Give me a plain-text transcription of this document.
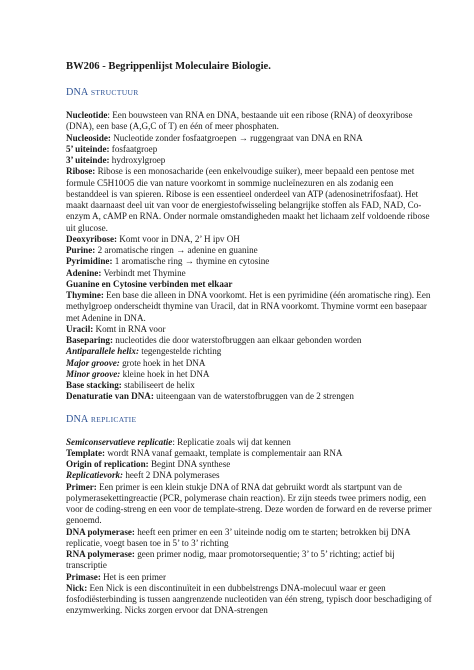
BW206 - Begrippenlijst Moleculaire Biologie.
DNA STRUCTUUR

Nucleotide: Een bouwsteen van RNA en DNA, bestaande uit een ribose (RNA) of deoxyribose (DNA), een base (A,G,C of T) en één of meer phosphaten.

Nucleoside: Nucleotide zonder fosfaatgroepen → ruggengraat van DNA en RNA

5’ uiteinde: fosfaatgroep

3’ uiteinde: hydroxylgroep

Ribose: Ribose is een monosacharide (een enkelvoudige suiker), meer bepaald een pentose met formule C5H10O5 die van nature voorkomt in sommige nucleïnezuren en als zodanig een bestanddeel is van spieren. Ribose is een essentieel onderdeel van ATP (adenosinetrifosfaat). Het maakt daarnaast deel uit van voor de energiestofwisseling belangrijke stoffen als FAD, NAD, Co-enzym A, cAMP en RNA. Onder normale omstandigheden maakt het lichaam zelf voldoende ribose uit glucose.

Deoxyribose: Komt voor in DNA, 2’ H ipv OH

Purine: 2 aromatische ringen → adenine en guanine

Pyrimidine: 1 aromatische ring → thymine en cytosine

Adenine: Verbindt met Thymine

Guanine en Cytosine verbinden met elkaar

Thymine: Een base die alleen in DNA voorkomt. Het is een pyrimidine (één aromatische ring). Een methylgroep onderscheidt thymine van Uracil, dat in RNA voorkomt. Thymine vormt een basepaar met Adenine in DNA.

Uracil: Komt in RNA voor

Baseparing: nucleotides die door waterstofbruggen aan elkaar gebonden worden

Antiparallele helix: tegengestelde richting

Major groove: grote hoek in het DNA

Minor groove: kleine hoek in het DNA

Base stacking: stabiliseert de helix

Denaturatie van DNA: uiteengaan van de waterstofbruggen van de 2 strengen

DNA REPLICATIE

Semiconservatieve replicatie: Replicatie zoals wij dat kennen

Template: wordt RNA vanaf gemaakt, template is complementair aan RNA

Origin of replication: Begint DNA synthese

Replicatievork: heeft 2 DNA polymerases

Primer: Een primer is een klein stukje DNA of RNA dat gebruikt wordt als startpunt van de polymerasekettingreactie (PCR, polymerase chain reaction). Er zijn steeds twee primers nodig, een voor de coding-streng en een voor de template-streng. Deze worden de forward en de reverse primer genoemd.

DNA polymerase: heeft een primer en een 3’ uiteinde nodig om te starten; betrokken bij DNA replicatie, voegt basen toe in 5’ to 3’ richting

RNA polymerase: geen primer nodig, maar promotorsequentie; 3’ to 5’ richting; actief bij transcriptie

Primase: Het is een primer

Nick: Een Nick is een discontinuïteit in een dubbelstrengs DNA-molecuul waar er geen fosfodiësterbinding is tussen aangrenzende nucleotiden van één streng, typisch door beschadiging of enzymwerking. Nicks zorgen ervoor dat DNA-strengen
